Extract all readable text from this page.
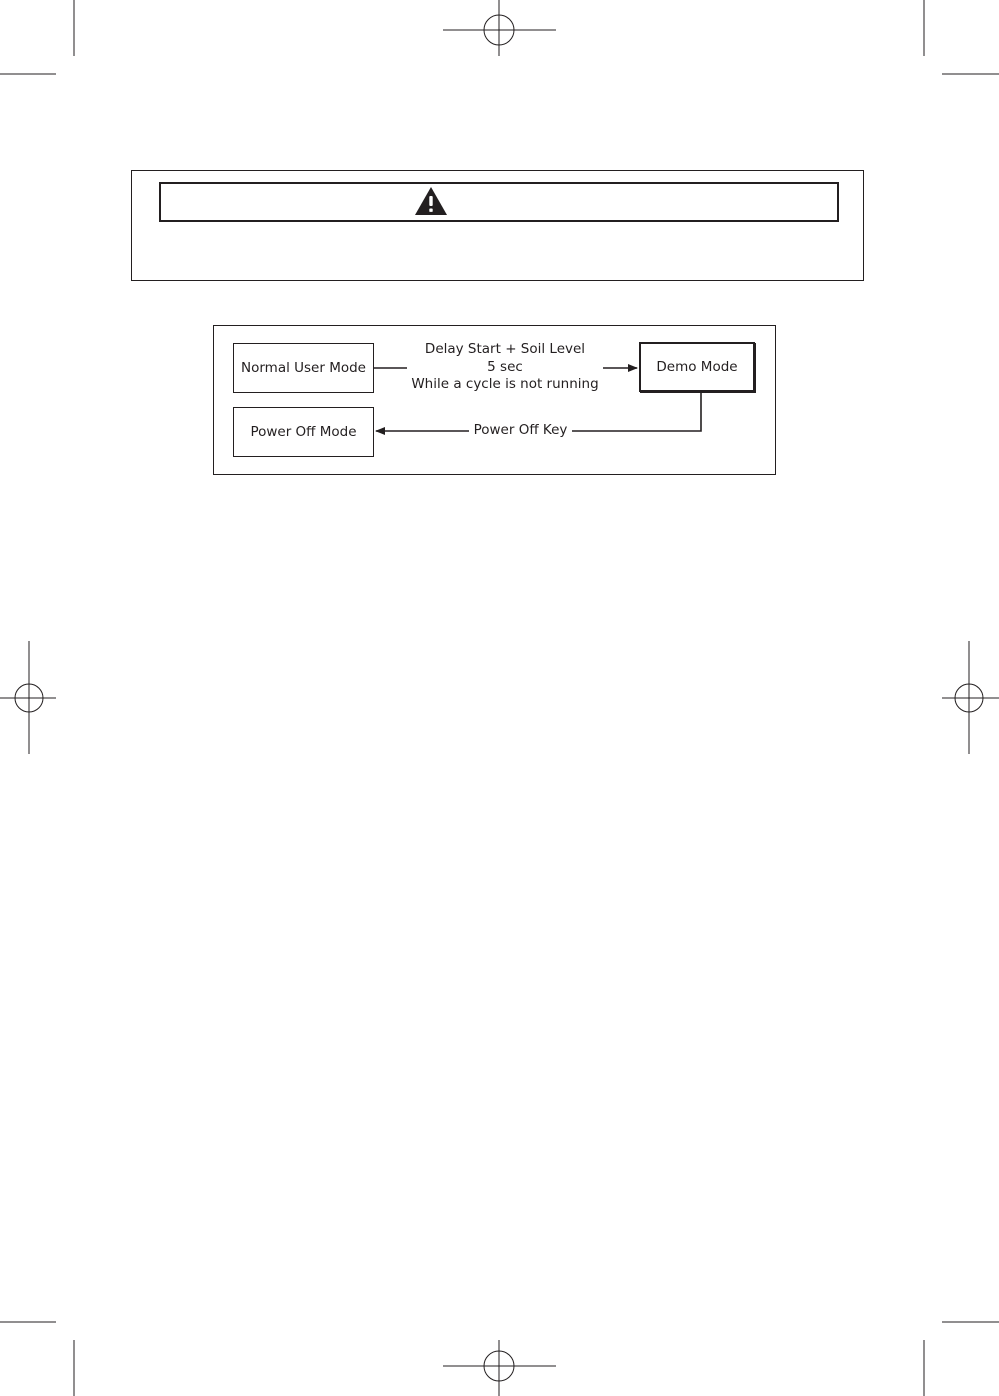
Normal User Mode	Demo Mode
Power Off Mode
Delay Start + Soil Level
5 sec
While a cycle is not running
Power Off Key
